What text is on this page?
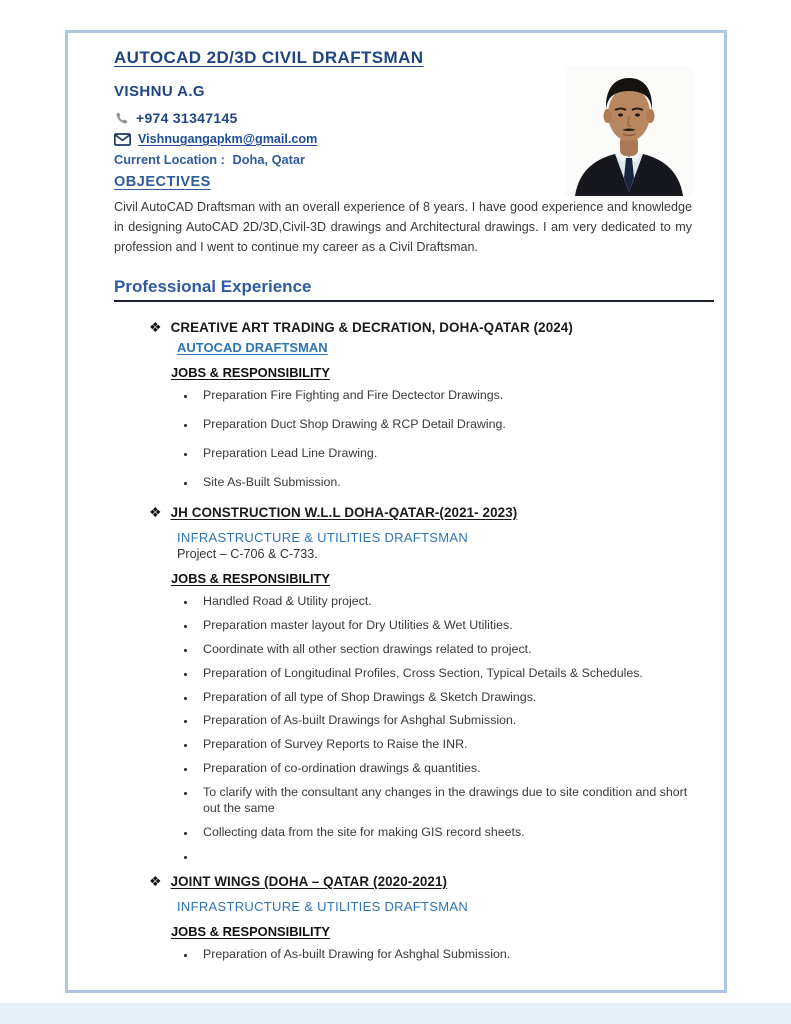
AUTOCAD 2D/3D CIVIL DRAFTSMAN
VISHNU A.G
+974 31347145
Vishnugangapkm@gmail.com
Current Location : Doha, Qatar
OBJECTIVES

Civil AutoCAD Draftsman with an overall experience of 8 years. I have good experience and knowledge in designing AutoCAD 2D/3D,Civil-3D drawings and Architectural drawings. I am very dedicated to my profession and I went to continue my career as a Civil Draftsman.

Professional Experience
❖ CREATIVE ART TRADING & DECRATION, DOHA-QATAR (2024)
AUTOCAD DRAFTSMAN
JOBS & RESPONSIBILITY
• Preparation Fire Fighting and Fire Dectector Drawings.
• Preparation Duct Shop Drawing & RCP Detail Drawing.
• Preparation Lead Line Drawing.
• Site As-Built Submission.
❖ JH CONSTRUCTION W.L.L DOHA-QATAR-(2021- 2023)
INFRASTRUCTURE & UTILITIES DRAFTSMAN
Project – C-706 & C-733.
JOBS & RESPONSIBILITY
• Handled Road & Utility project.
• Preparation master layout for Dry Utilities & Wet Utilities.
• Coordinate with all other section drawings related to project.
• Preparation of Longitudinal Profiles, Cross Section, Typical Details & Schedules.
• Preparation of all type of Shop Drawings & Sketch Drawings.
• Preparation of As-built Drawings for Ashghal Submission.
• Preparation of Survey Reports to Raise the INR.
• Preparation of co-ordination drawings & quantities.
• To clarify with the consultant any changes in the drawings due to site condition and short out the same
• Collecting data from the site for making GIS record sheets.
•
❖ JOINT WINGS (DOHA – QATAR (2020-2021)
INFRASTRUCTURE & UTILITIES DRAFTSMAN
JOBS & RESPONSIBILITY
• Preparation of As-built Drawing for Ashghal Submission.
